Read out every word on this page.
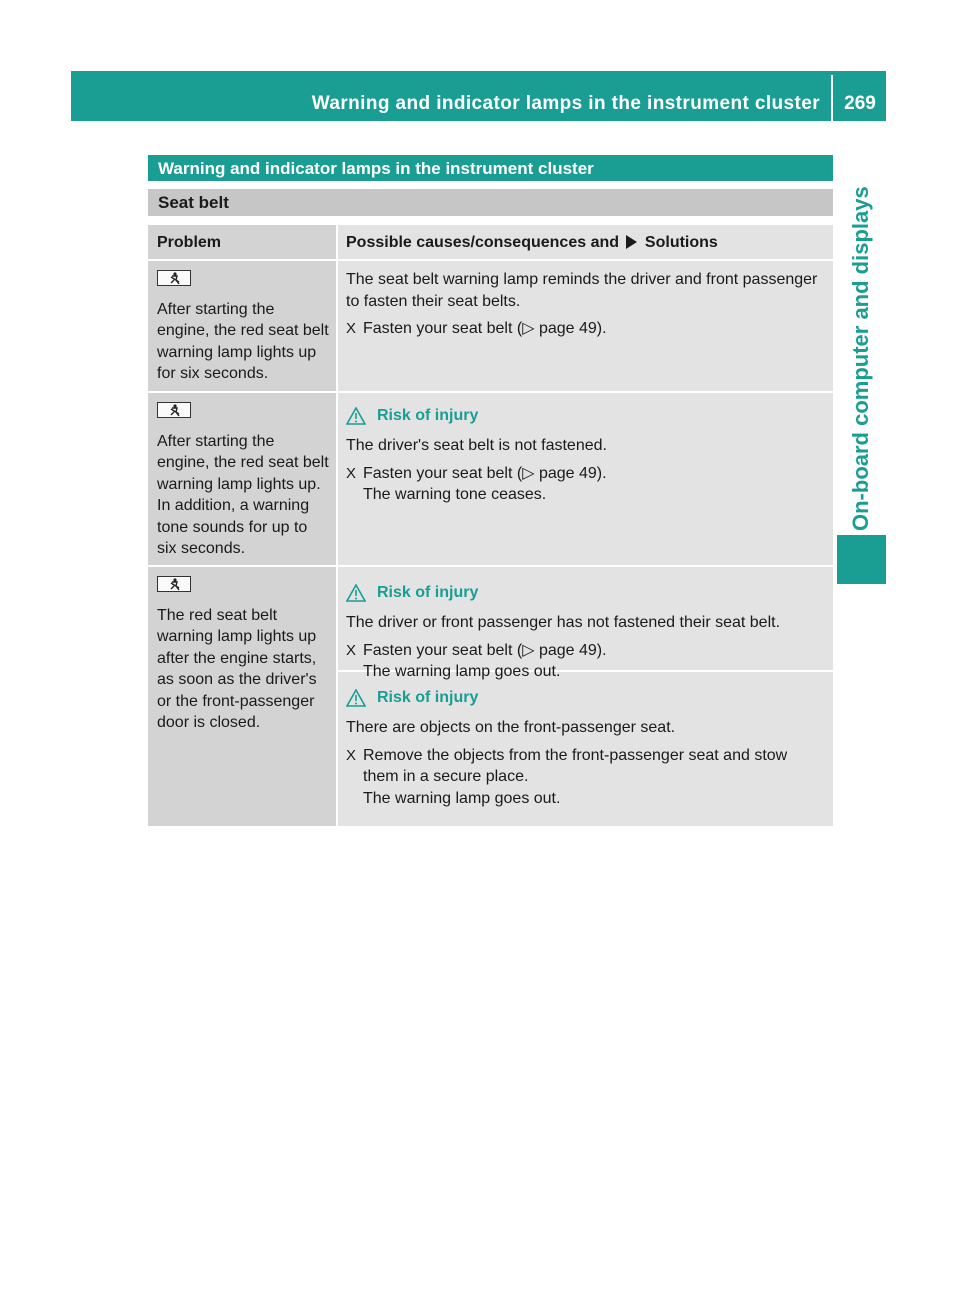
Warning and indicator lamps in the instrument cluster	269
On-board computer and displays
Warning and indicator lamps in the instrument cluster
Seat belt
Problem	Possible causes/consequences and Solutions
After starting the engine, the red seat belt warning lamp lights up for six seconds.
The seat belt warning lamp reminds the driver and front passenger to fasten their seat belts.
X Fasten your seat belt (▷ page 49).
After starting the engine, the red seat belt warning lamp lights up. In addition, a warning tone sounds for up to six seconds.
Risk of injury
The driver's seat belt is not fastened.
X Fasten your seat belt (▷ page 49).
The warning tone ceases.
The red seat belt warning lamp lights up after the engine starts, as soon as the driver's or the front-passenger door is closed.
Risk of injury
The driver or front passenger has not fastened their seat belt.
X Fasten your seat belt (▷ page 49).
The warning lamp goes out.
Risk of injury
There are objects on the front-passenger seat.
X Remove the objects from the front-passenger seat and stow them in a secure place.
The warning lamp goes out.
